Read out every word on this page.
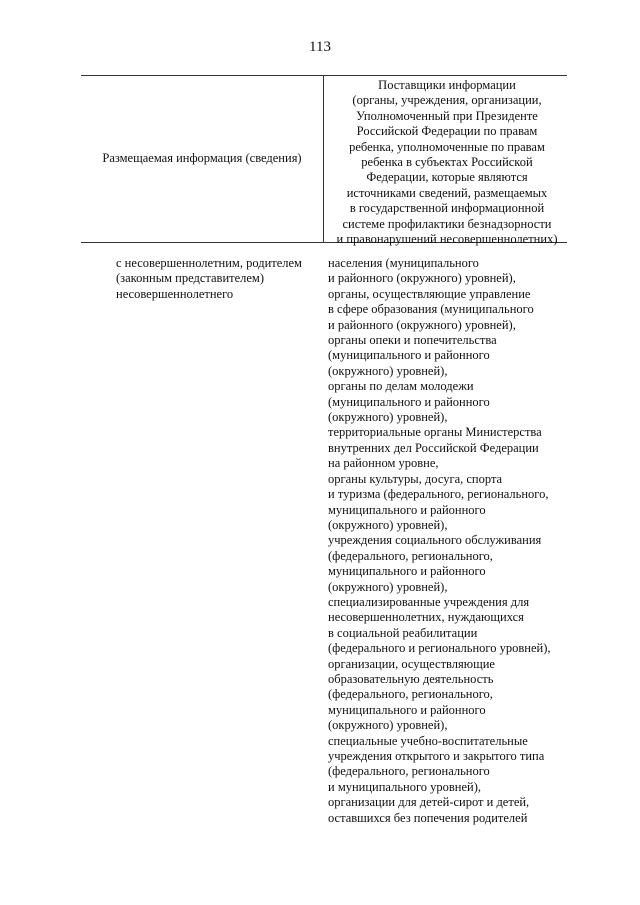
113
Размещаемая информация (сведения)
Поставщики информации
(органы, учреждения, организации,
Уполномоченный при Президенте
Российской Федерации по правам
ребенка, уполномоченные по правам
ребенка в субъектах Российской
Федерации, которые являются
источниками сведений, размещаемых
в государственной информационной
системе профилактики безнадзорности
и правонарушений несовершеннолетних)
с несовершеннолетним, родителем
(законным представителем)
несовершеннолетнего
населения (муниципального
и районного (окружного) уровней),
органы, осуществляющие управление
в сфере образования (муниципального
и районного (окружного) уровней),
органы опеки и попечительства
(муниципального и районного
(окружного) уровней),
органы по делам молодежи
(муниципального и районного
(окружного) уровней),
территориальные органы Министерства
внутренних дел Российской Федерации
на районном уровне,
органы культуры, досуга, спорта
и туризма (федерального, регионального,
муниципального и районного
(окружного) уровней),
учреждения социального обслуживания
(федерального, регионального,
муниципального и районного
(окружного) уровней),
специализированные учреждения для
несовершеннолетних, нуждающихся
в социальной реабилитации
(федерального и регионального уровней),
организации, осуществляющие
образовательную деятельность
(федерального, регионального,
муниципального и районного
(окружного) уровней),
специальные учебно-воспитательные
учреждения открытого и закрытого типа
(федерального, регионального
и муниципального уровней),
организации для детей-сирот и детей,
оставшихся без попечения родителей
